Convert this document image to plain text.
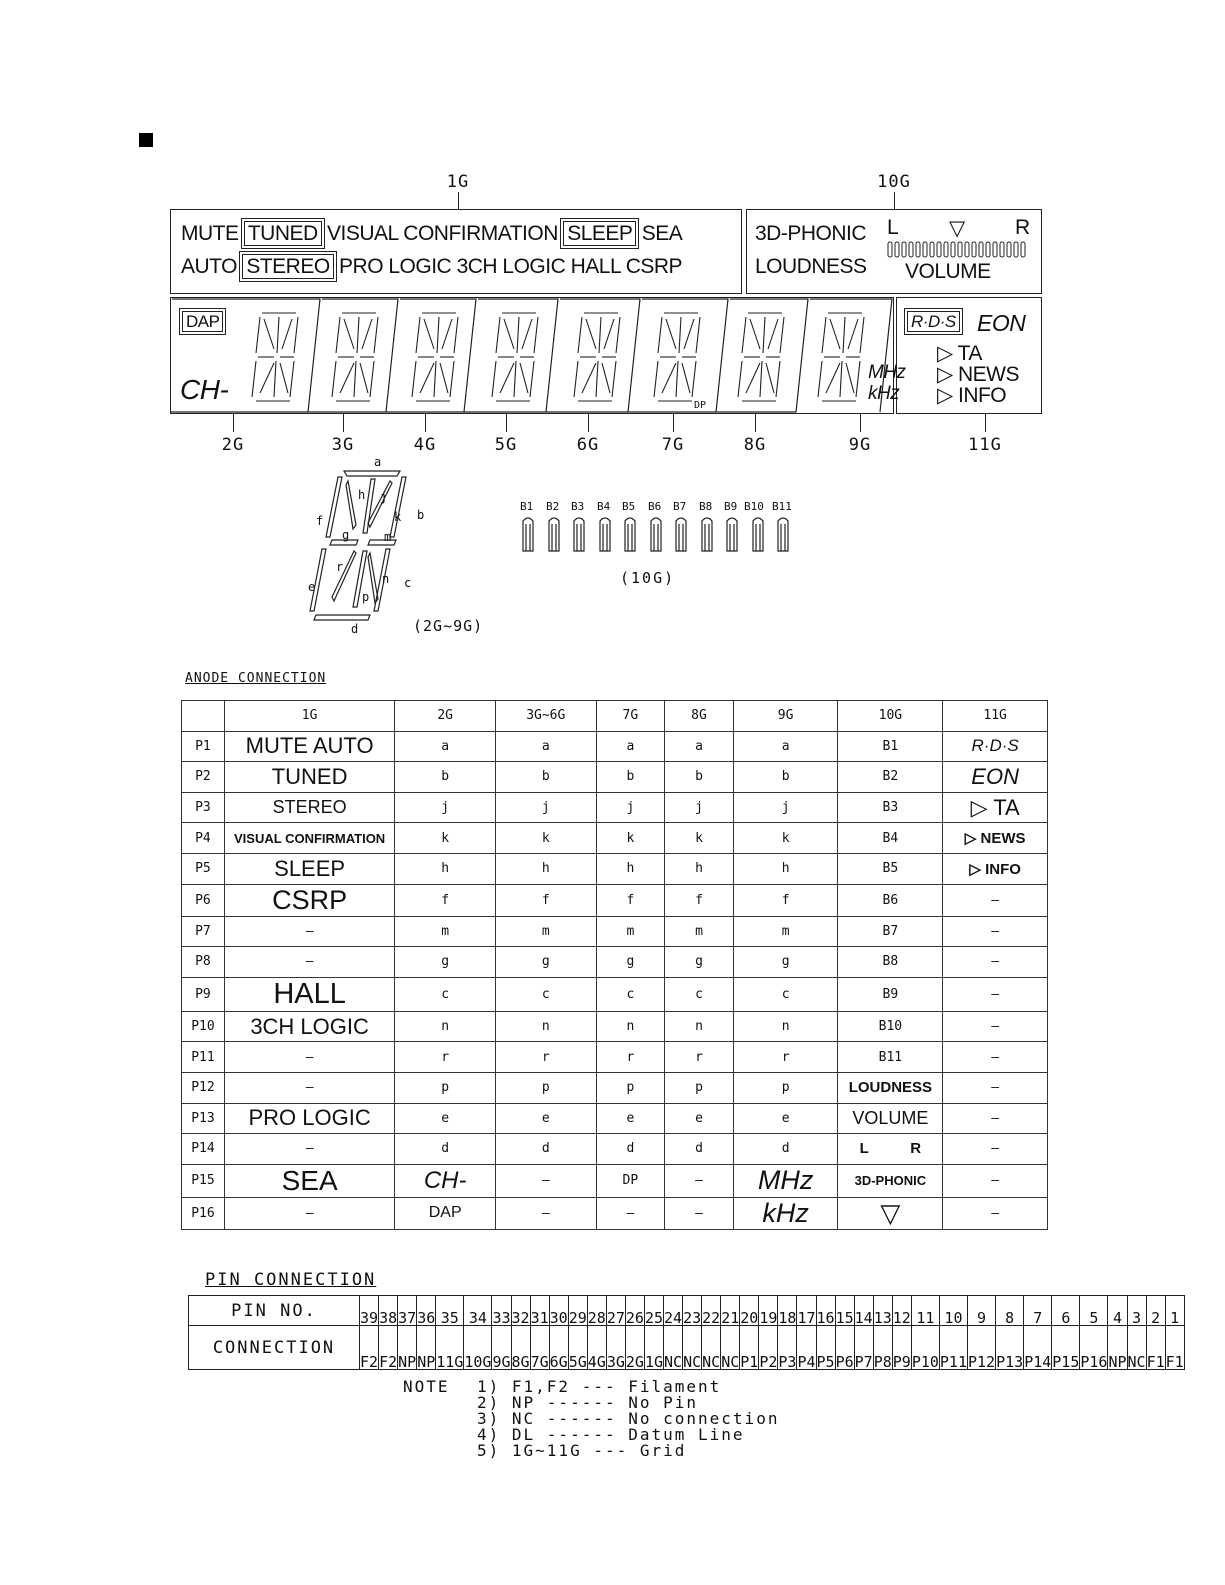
1G	10G
MUTE TUNED VISUAL CONFIRMATION SLEEP SEA
AUTO STEREO PRO LOGIC 3CH LOGIC HALL CSRP
3D-PHONIC
LOUDNESS
L ▽ R
VOLUME
R·D·S EON
▷ TA
▷ NEWS
▷ INFO
DAP
CH-
DP
MHz
kHz
2G	3G	4G	5G	6G	7G	8G	9G	11G
a
b
c
d
e
f
g
h j
k
m
n
p
r
(2G~9G)
B1 B2 B3 B4 B5 B6 B7 B8 B9 B10 B11
(10G)
ANODE CONNECTION
	1G	2G	3G~6G	7G	8G	9G	10G	11G
P1	MUTE AUTO	a	a	a	a	a	B1	R·D·S
P2	TUNED	b	b	b	b	b	B2	EON
P3	STEREO	j	j	j	j	j	B3	▷ TA
P4	VISUAL CONFIRMATION	k	k	k	k	k	B4	▷ NEWS
P5	SLEEP	h	h	h	h	h	B5	▷ INFO
P6	CSRP	f	f	f	f	f	B6	–
P7	–	m	m	m	m	m	B7	–
P8	–	g	g	g	g	g	B8	–
P9	HALL	c	c	c	c	c	B9	–
P10	3CH LOGIC	n	n	n	n	n	B10	–
P11	–	r	r	r	r	r	B11	–
P12	–	p	p	p	p	p	LOUDNESS	–
P13	PRO LOGIC	e	e	e	e	e	VOLUME	–
P14	–	d	d	d	d	d	L          R	–
P15	SEA	CH-	–	DP	–	MHz	3D-PHONIC	–
P16	–	DAP	–	–	–	kHz	▽	–
PIN CONNECTION
PIN NO.	39	38	37	36	35	34	33	32	31	30	29	28	27	26	25	24	23	22	21	20	19	18	17	16	15	14	13	12	11	10	9	8	7	6	5	4	3	2	1
CONNECTION	F2	F2	NP	NP	11G	10G	9G	8G	7G	6G	5G	4G	3G	2G	1G	NC	NC	NC	NC	P1	P2	P3	P4	P5	P6	P7	P8	P9	P10	P11	P12	P13	P14	P15	P16	NP	NC	F1	F1
NOTE 1) F1,F2 --- Filament
2) NP ------ No Pin
3) NC ------ No connection
4) DL ------ Datum Line
5) 1G~11G --- Grid
